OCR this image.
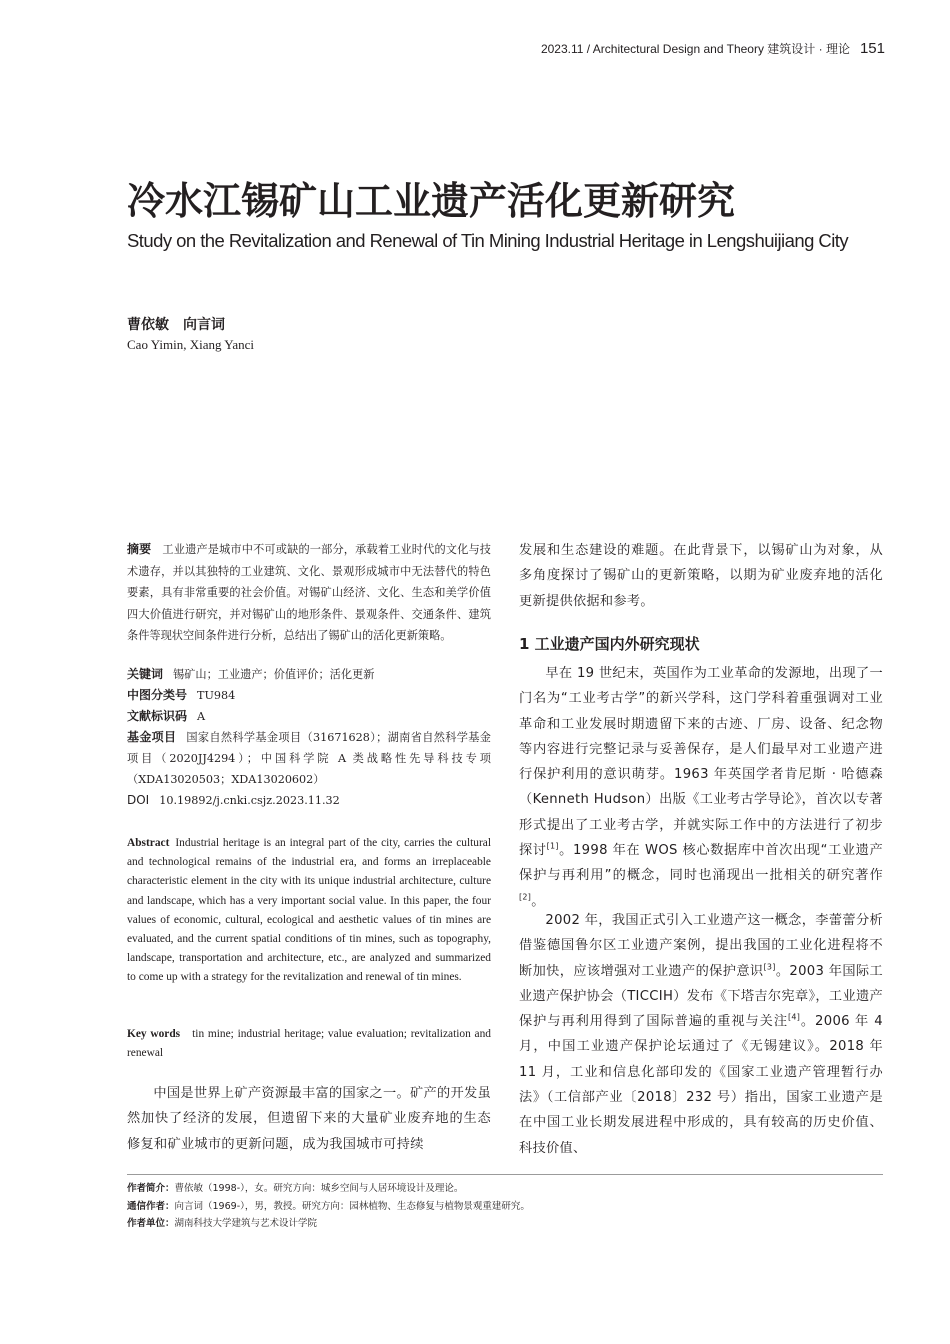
2023.11 / Architectural Design and Theory 建筑设计 · 理论 151
冷水江锡矿山工业遗产活化更新研究
Study on the Revitalization and Renewal of Tin Mining Industrial Heritage in Lengshuijiang City
曹依敏　向言词
Cao Yimin, Xiang Yanci
摘要 工业遗产是城市中不可或缺的一部分，承载着工业时代的文化与技术遗存，并以其独特的工业建筑、文化、景观形成城市中无法替代的特色要素，具有非常重要的社会价值。对锡矿山经济、文化、生态和美学价值四大价值进行研究，并对锡矿山的地形条件、景观条件、交通条件、建筑条件等现状空间条件进行分析，总结出了锡矿山的活化更新策略。
关键词 锡矿山；工业遗产；价值评价；活化更新
中图分类号 TU984
文献标识码 A
基金项目 国家自然科学基金项目（31671628）；湖南省自然科学基金项目（2020JJ4294）；中国科学院 A 类战略性先导科技专项（XDA13020503；XDA13020602）
DOI 10.19892/j.cnki.csjz.2023.11.32
Abstract Industrial heritage is an integral part of the city, carries the cultural and technological remains of the industrial era, and forms an irreplaceable characteristic element in the city with its unique industrial architecture, culture and landscape, which has a very important social value. In this paper, the four values of economic, cultural, ecological and aesthetic values of tin mines are evaluated, and the current spatial conditions of tin mines, such as topography, landscape, transportation and architecture, etc., are analyzed and summarized to come up with a strategy for the revitalization and renewal of tin mines.
Key words tin mine; industrial heritage; value evaluation; revitalization and renewal
中国是世界上矿产资源最丰富的国家之一。矿产的开发虽然加快了经济的发展，但遗留下来的大量矿业废弃地的生态修复和矿业城市的更新问题，成为我国城市可持续
发展和生态建设的难题。在此背景下，以锡矿山为对象，从多角度探讨了锡矿山的更新策略，以期为矿业废弃地的活化更新提供依据和参考。
1 工业遗产国内外研究现状
早在 19 世纪末，英国作为工业革命的发源地，出现了一门名为“工业考古学”的新兴学科，这门学科着重强调对工业革命和工业发展时期遗留下来的古迹、厂房、设备、纪念物等内容进行完整记录与妥善保存，是人们最早对工业遗产进行保护利用的意识萌芽。1963 年英国学者肯尼斯 · 哈德森（Kenneth Hudson）出版《工业考古学导论》，首次以专著形式提出了工业考古学，并就实际工作中的方法进行了初步探讨[1]。1998 年在 WOS 核心数据库中首次出现“工业遗产保护与再利用”的概念，同时也涌现出一批相关的研究著作[2]。
2002 年，我国正式引入工业遗产这一概念，李蕾蕾分析借鉴德国鲁尔区工业遗产案例，提出我国的工业化进程将不断加快，应该增强对工业遗产的保护意识[3]。2003 年国际工业遗产保护协会（TICCIH）发布《下塔吉尔宪章》，工业遗产保护与再利用得到了国际普遍的重视与关注[4]。2006 年 4 月，中国工业遗产保护论坛通过了《无锡建议》。2018 年 11 月，工业和信息化部印发的《国家工业遗产管理暂行办法》（工信部产业〔2018〕232 号）指出，国家工业遗产是在中国工业长期发展进程中形成的，具有较高的历史价值、科技价值、
作者简介：曹依敏（1998-），女。研究方向：城乡空间与人居环境设计及理论。
通信作者：向言词（1969-），男，教授。研究方向：园林植物、生态修复与植物景观重建研究。
作者单位：湖南科技大学建筑与艺术设计学院
